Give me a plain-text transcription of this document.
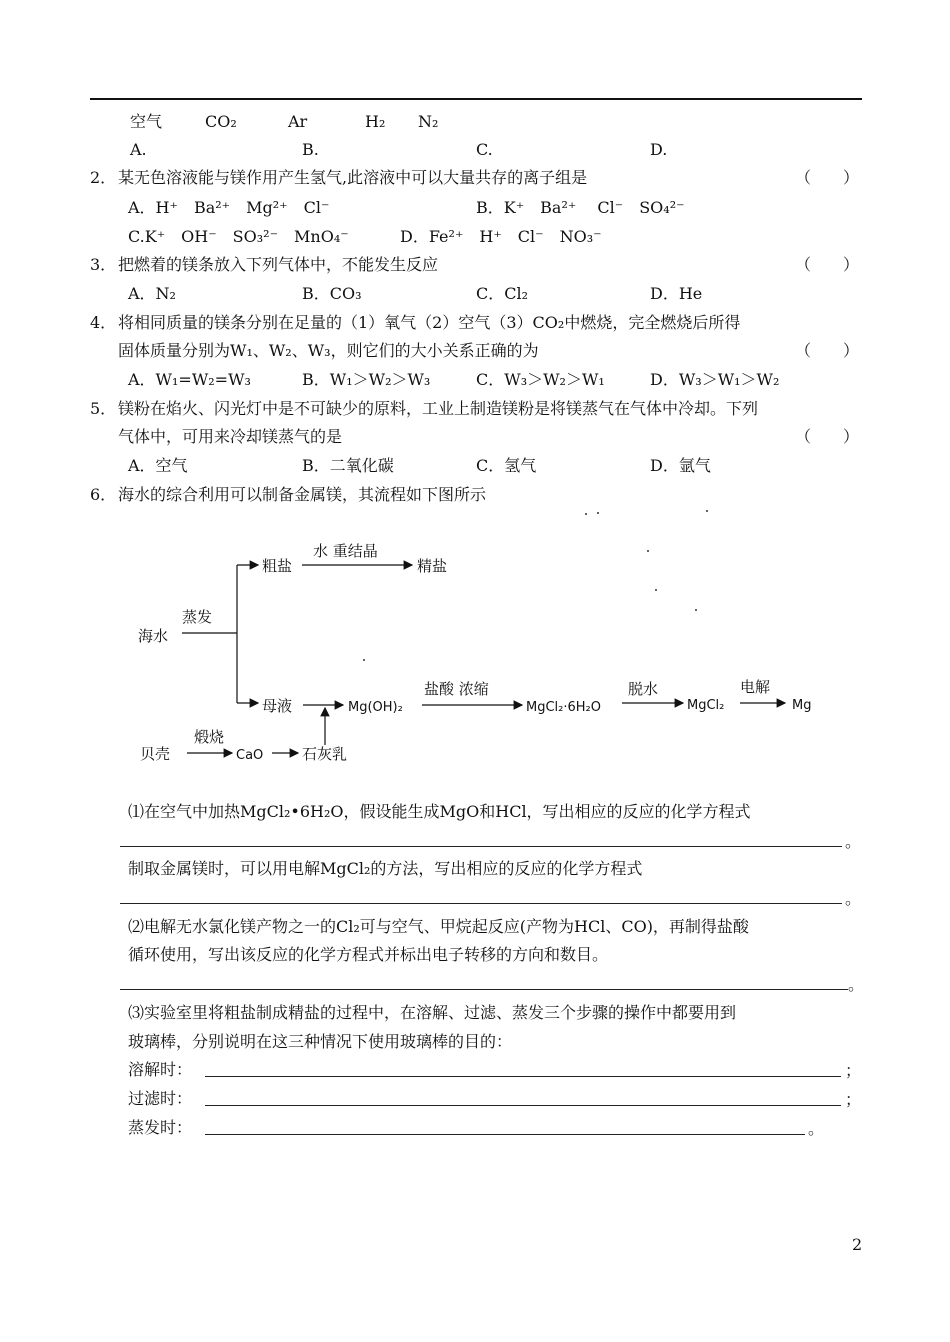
空气	CO₂	Ar	H₂ N₂
A.	B.	C.	D.
2． 某无色溶液能与镁作用产生氢气,此溶液中可以大量共存的离子组是	（　　）
A．H⁺　Ba²⁺　Mg²⁺　Cl⁻	B．K⁺　Ba²⁺　 Cl⁻　SO₄²⁻
C.K⁺　OH⁻　SO₃²⁻　MnO₄⁻	D．Fe²⁺　H⁺　Cl⁻　NO₃⁻
3． 把燃着的镁条放入下列气体中，不能发生反应	（　　）
A．N₂	B．CO₃	C．Cl₂	D．He
4． 将相同质量的镁条分别在足量的（1）氧气（2）空气（3）CO₂中燃烧，完全燃烧后所得
固体质量分别为W₁、W₂、W₃，则它们的大小关系正确的为	（　　）
A．W₁=W₂=W₃	B．W₁＞W₂＞W₃	C．W₃＞W₂＞W₁	D．W₃＞W₁＞W₂
5． 镁粉在焰火、闪光灯中是不可缺少的原料，工业上制造镁粉是将镁蒸气在气体中冷却。下列
气体中，可用来冷却镁蒸气的是	（　　）
A．空气	B．二氧化碳	C．氢气	D．氩气
6． 海水的综合利用可以制备金属镁，其流程如下图所示
海水
蒸发
粗盐
水 重结晶
精盐
母液	Mg(OH)₂
盐酸 浓缩
MgCl₂·6H₂O
脱水
MgCl₂
电解
Mg
贝壳
煅烧
CaO	石灰乳
⑴在空气中加热MgCl₂•6H₂O，假设能生成MgO和HCl，写出相应的反应的化学方程式
。
制取金属镁时，可以用电解MgCl₂的方法，写出相应的反应的化学方程式
。
⑵电解无水氯化镁产物之一的Cl₂可与空气、甲烷起反应(产物为HCl、CO)，再制得盐酸
循环使用，写出该反应的化学方程式并标出电子转移的方向和数目。
。
⑶实验室里将粗盐制成精盐的过程中，在溶解、过滤、蒸发三个步骤的操作中都要用到
玻璃棒，分别说明在这三种情况下使用玻璃棒的目的：
溶解时：	；
过滤时：	；
蒸发时：	。
2
